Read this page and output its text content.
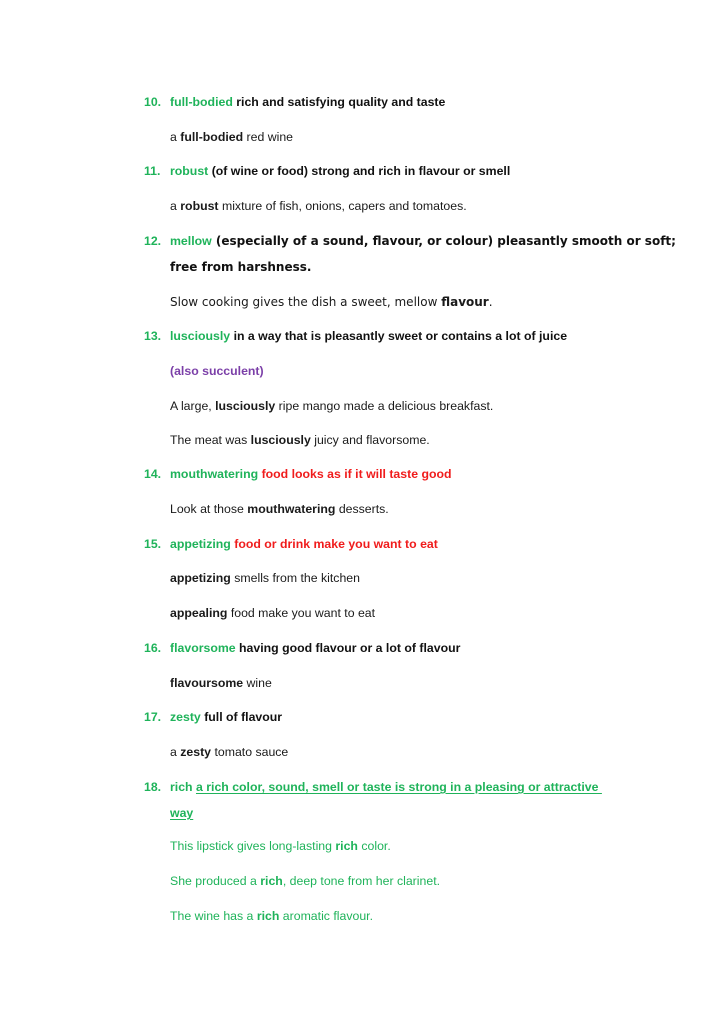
10. full-bodied rich and satisfying quality and taste
a full-bodied red wine
11. robust (of wine or food) strong and rich in flavour or smell
a robust mixture of fish, onions, capers and tomatoes.
12. mellow (especially of a sound, flavour, or colour) pleasantly smooth or soft;
free from harshness.
Slow cooking gives the dish a sweet, mellow flavour.
13. lusciously in a way that is pleasantly sweet or contains a lot of juice
(also succulent)
A large, lusciously ripe mango made a delicious breakfast.
The meat was lusciously juicy and flavorsome.
14. mouthwatering food looks as if it will taste good
Look at those mouthwatering desserts.
15. appetizing food or drink make you want to eat
appetizing smells from the kitchen
appealing food make you want to eat
16. flavorsome having good flavour or a lot of flavour
flavoursome wine
17. zesty full of flavour
a zesty tomato sauce
18. rich a rich color, sound, smell or taste is strong in a pleasing or attractive
way
This lipstick gives long-lasting rich color.
She produced a rich, deep tone from her clarinet.
The wine has a rich aromatic flavour.
